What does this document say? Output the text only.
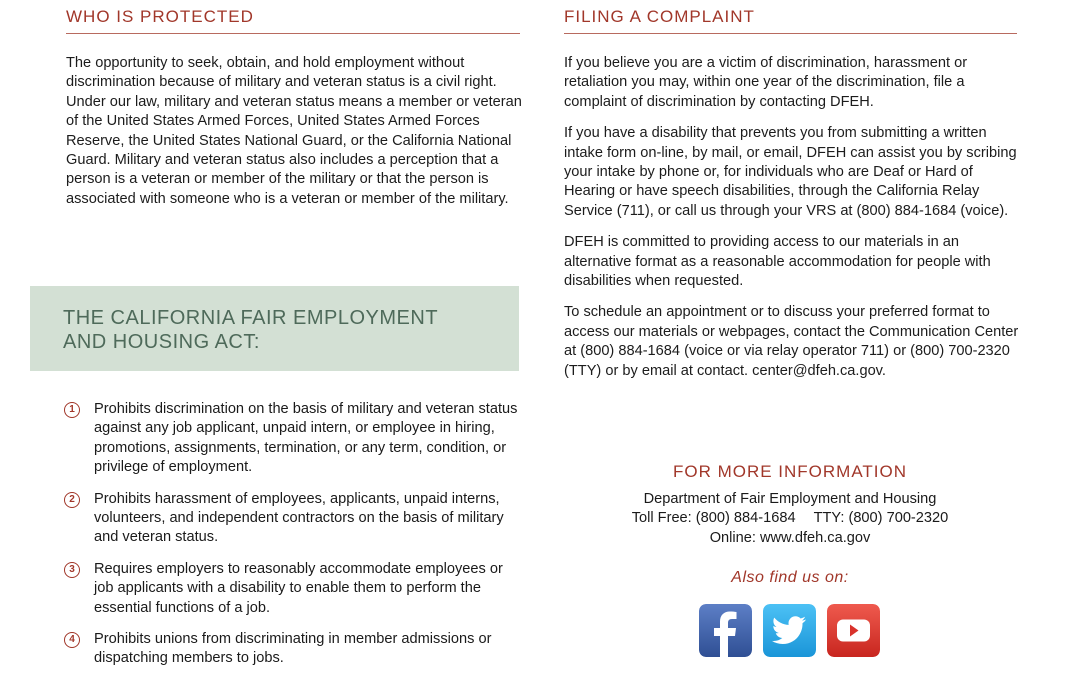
WHO IS PROTECTED

The opportunity to seek, obtain, and hold employment without discrimination because of military and veteran status is a civil right. Under our law, military and veteran status means a member or veteran of the United States Armed Forces, United States Armed Forces Reserve, the United States National Guard, or the California National Guard. Military and veteran status also includes a perception that a person is a veteran or member of the military or that the person is associated with someone who is a veteran or member of the military.

THE CALIFORNIA FAIR EMPLOYMENT
AND HOUSING ACT:
1	Prohibits discrimination on the basis of military and veteran status against any job applicant, unpaid intern, or employee in hiring, promotions, assignments, termination, or any term, condition, or privilege of employment.
2	Prohibits harassment of employees, applicants, unpaid interns, volunteers, and independent contractors on the basis of military and veteran status.
3	Requires employers to reasonably accommodate employees or job applicants with a disability to enable them to perform the essential functions of a job.
4	Prohibits unions from discriminating in member admissions or dispatching members to jobs.
FILING A COMPLAINT

If you believe you are a victim of discrimination, harassment or retaliation you may, within one year of the discrimination, file a complaint of discrimination by contacting DFEH.

If you have a disability that prevents you from submitting a written intake form on-line, by mail, or email, DFEH can assist you by scribing your intake by phone or, for individuals who are Deaf or Hard of Hearing or have speech disabilities, through the California Relay Service (711), or call us through your VRS at (800) 884-1684 (voice).

DFEH is committed to providing access to our materials in an alternative format as a reasonable accommodation for people with disabilities when requested.

To schedule an appointment or to discuss your preferred format to access our materials or webpages, contact the Communication Center at (800) 884-1684 (voice or via relay operator 711) or (800) 700-2320 (TTY) or by email at contact. center@dfeh.ca.gov.

FOR MORE INFORMATION
Department of Fair Employment and Housing
Toll Free: (800) 884-1684 TTY: (800) 700-2320
Online: www.dfeh.ca.gov
Also find us on:
